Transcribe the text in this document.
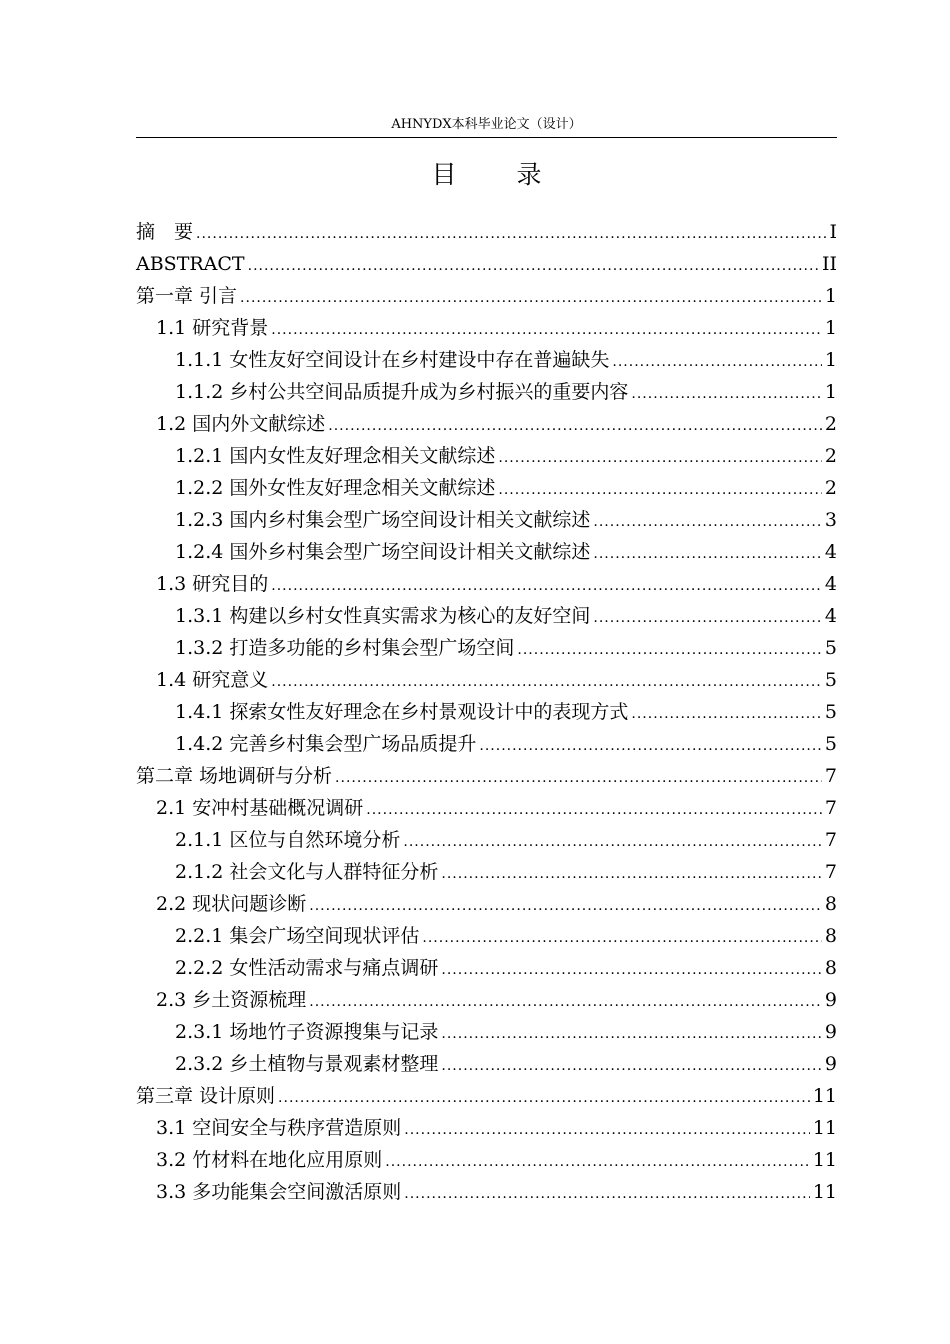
AHNYDX本科毕业论文（设计）
目 录
摘　要 .....	I
ABSTRACT .....	II
第一章 引言 .....	1
1.1 研究背景 .....	1
1.1.1 女性友好空间设计在乡村建设中存在普遍缺失 .....	1
1.1.2 乡村公共空间品质提升成为乡村振兴的重要内容 .....	1
1.2 国内外文献综述 .....	2
1.2.1 国内女性友好理念相关文献综述 .....	2
1.2.2 国外女性友好理念相关文献综述 .....	2
1.2.3 国内乡村集会型广场空间设计相关文献综述 .....	3
1.2.4 国外乡村集会型广场空间设计相关文献综述 .....	4
1.3 研究目的 .....	4
1.3.1 构建以乡村女性真实需求为核心的友好空间 .....	4
1.3.2 打造多功能的乡村集会型广场空间 .....	5
1.4 研究意义 .....	5
1.4.1 探索女性友好理念在乡村景观设计中的表现方式 .....	5
1.4.2 完善乡村集会型广场品质提升 .....	5
第二章 场地调研与分析 .....	7
2.1 安冲村基础概况调研 .....	7
2.1.1 区位与自然环境分析 .....	7
2.1.2 社会文化与人群特征分析 .....	7
2.2 现状问题诊断 .....	8
2.2.1 集会广场空间现状评估 .....	8
2.2.2 女性活动需求与痛点调研 .....	8
2.3 乡土资源梳理 .....	9
2.3.1 场地竹子资源搜集与记录 .....	9
2.3.2 乡土植物与景观素材整理 .....	9
第三章 设计原则 .....	11
3.1 空间安全与秩序营造原则 .....	11
3.2 竹材料在地化应用原则 .....	11
3.3 多功能集会空间激活原则 .....	11
